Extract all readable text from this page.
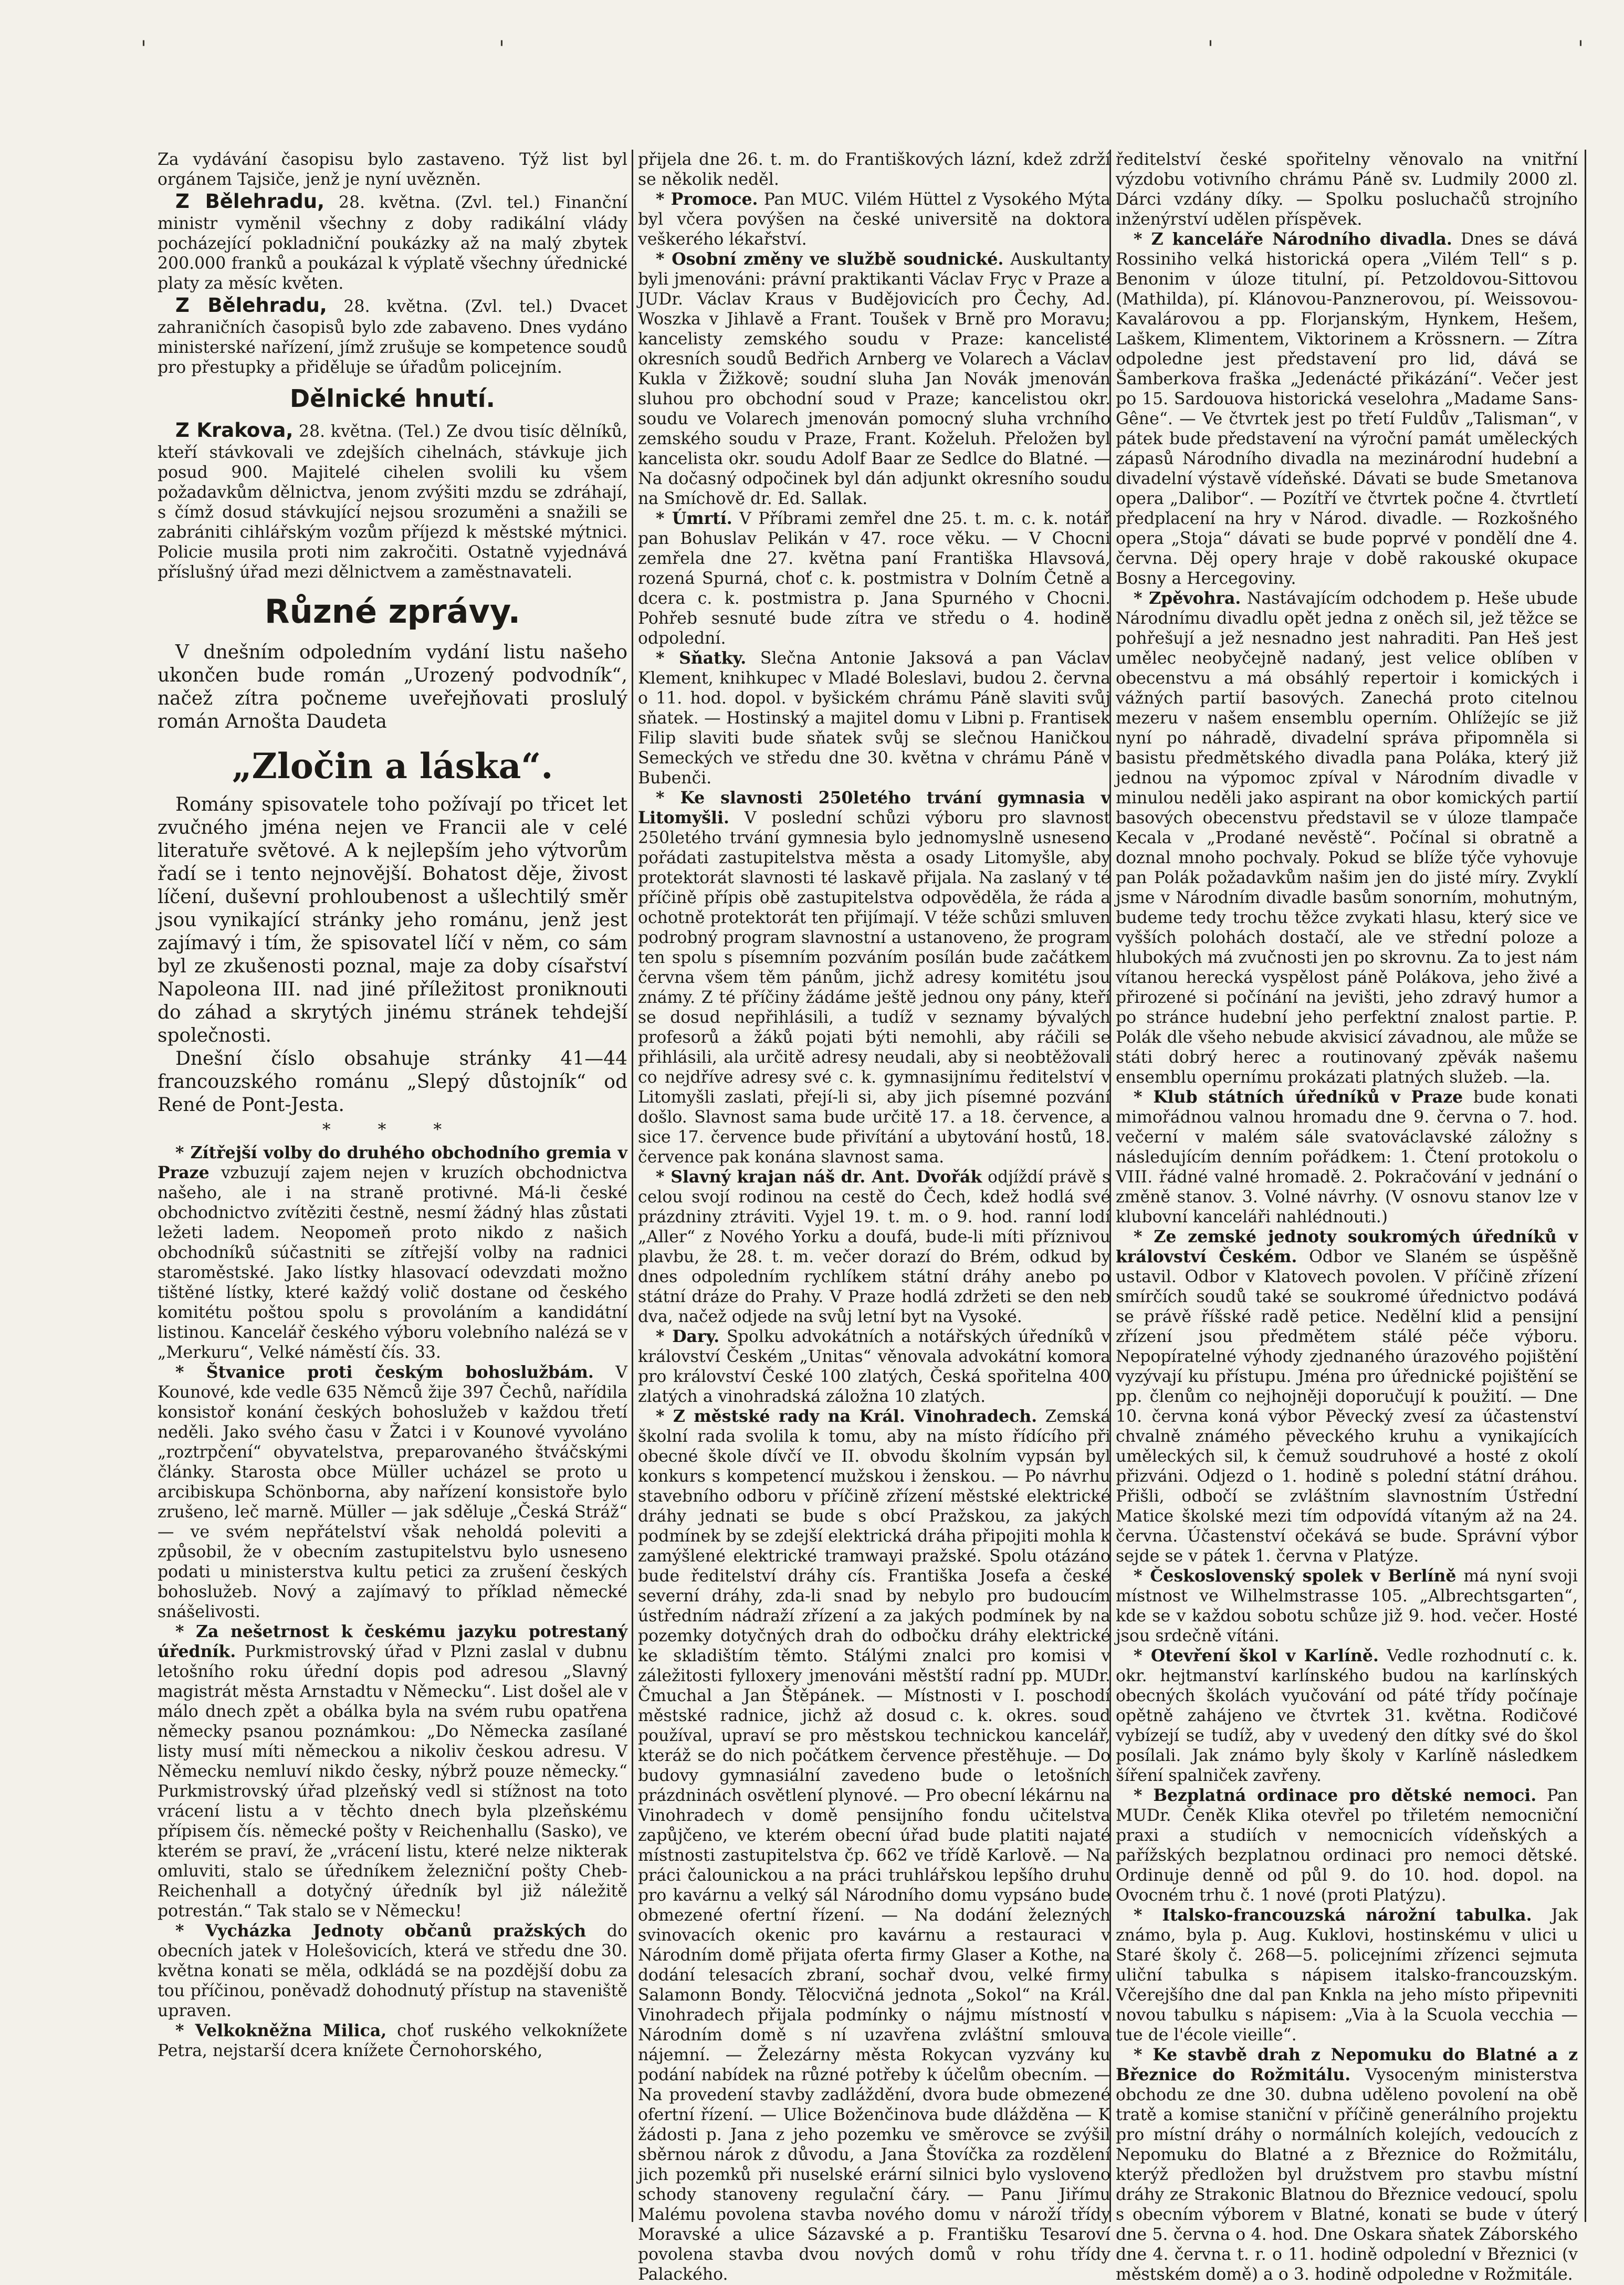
'	'	'	'

Za vydávání časopisu bylo zastaveno. Týž list byl orgánem Tajsiče, jenž je nyní uvězněn.

Z Bělehradu, 28. května. (Zvl. tel.) Finanční ministr vyměnil všechny z doby radikální vlády pocházející pokladniční poukázky až na malý zbytek 200.000 franků a poukázal k výplatě všechny úřednické platy za měsíc květen.

Z Bělehradu, 28. května. (Zvl. tel.) Dvacet zahraničních časopisů bylo zde zabaveno. Dnes vydáno ministerské nařízení, jímž zrušuje se kompetence soudů pro přestupky a přiděluje se úřadům policejním.

Dělnické hnutí.

Z Krakova, 28. května. (Tel.) Ze dvou tisíc dělníků, kteří stávkovali ve zdejších cihelnách, stávkuje jich posud 900. Majitelé cihelen svolili ku všem požadavkům dělnictva, jenom zvýšiti mzdu se zdráhají, s čímž dosud stávkující nejsou srozuměni a snažili se zabrániti cihlářským vozům příjezd k městské mýtnici. Policie musila proti nim zakročiti. Ostatně vyjednává příslušný úřad mezi dělnictvem a zaměstnavateli.

Různé zprávy.

V dnešním odpoledním vydání listu našeho ukončen bude román „Urozený podvodník“, načež zítra počneme uveřejňovati proslulý román Arnošta Daudeta

„Zločin a láska“.

Romány spisovatele toho požívají po třicet let zvučného jména nejen ve Francii ale v celé literatuře světové. A k nejlepším jeho výtvorům řadí se i tento nejnovější. Bohatost děje, živost líčení, duševní prohloubenost a ušlechtilý směr jsou vynikající stránky jeho románu, jenž jest zajímavý i tím, že spisovatel líčí v něm, co sám byl ze zkušenosti poznal, maje za doby císařství Napoleona III. nad jiné příležitost proniknouti do záhad a skrytých jinému stránek tehdejší společnosti.

Dnešní číslo obsahuje stránky 41—44 francouzského románu „Slepý důstojník“ od René de Pont-Jesta.

* * *

* Zítřejší volby do druhého obchodního gremia v Praze vzbuzují zajem nejen v kruzích obchodnictva našeho, ale i na straně protivné. Má-li české obchodnictvo zvítěziti čestně, nesmí žádný hlas zůstati ležeti ladem. Neopomeň proto nikdo z našich obchodníků súčastniti se zítřejší volby na radnici staroměstské. Jako lístky hlasovací odevzdati možno tištěné lístky, které každý volič dostane od českého komitétu poštou spolu s provoláním a kandidátní listinou. Kancelář českého výboru volebního nalézá se v „Merkuru“, Velké náměstí čís. 33.

* Štvanice proti českým bohoslužbám. V Kounové, kde vedle 635 Němců žije 397 Čechů, nařídila konsistoř konání českých bohoslužeb v každou třetí neděli. Jako svého času v Žatci i v Kounové vyvoláno „roztrpčení“ obyvatelstva, preparovaného štváčskými články. Starosta obce Müller ucházel se proto u arcibiskupa Schönborna, aby nařízení konsistoře bylo zrušeno, leč marně. Müller — jak sděluje „Česká Stráž“ — ve svém nepřátelství však neholdá poleviti a způsobil, že v obecním zastupitelstvu bylo usneseno podati u ministerstva kultu petici za zrušení českých bohoslužeb. Nový a zajímavý to příklad německé snášelivosti.

* Za nešetrnost k českému jazyku potrestaný úředník. Purkmistrovský úřad v Plzni zaslal v dubnu letošního roku úřední dopis pod adresou „Slavný magistrát města Arnstadtu v Německu“. List došel ale v málo dnech zpět a obálka byla na svém rubu opatřena německy psanou poznámkou: „Do Německa zasílané listy musí míti německou a nikoliv českou adresu. V Německu nemluví nikdo česky, nýbrž pouze německy.“ Purkmistrovský úřad plzeňský vedl si stížnost na toto vrácení listu a v těchto dnech byla plzeňskému přípisem čís. německé pošty v Reichenhallu (Sasko), ve kterém se praví, že „vrácení listu, které nelze nikterak omluviti, stalo se úředníkem železniční pošty Cheb-Reichenhall a dotyčný úředník byl již náležitě potrestán.“ Tak stalo se v Německu!

* Vycházka Jednoty občanů pražských do obecních jatek v Holešovicích, která ve středu dne 30. května konati se měla, odkládá se na pozdější dobu za tou příčinou, poněvadž dohodnutý přístup na staveniště upraven.

* Velkokněžna Milica, choť ruského velkoknížete Petra, nejstarší dcera knížete Černohorského,

přijela dne 26. t. m. do Františkových lázní, kdež zdrží se několik neděl.

* Promoce. Pan MUC. Vilém Hüttel z Vysokého Mýta byl včera povýšen na české universitě na doktora veškerého lékařství.

* Osobní změny ve službě soudnické. Auskultanty byli jmenováni: právní praktikanti Václav Fryc v Praze a JUDr. Václav Kraus v Budějovicích pro Čechy, Ad. Woszka v Jihlavě a Frant. Toušek v Brně pro Moravu; kancelisty zemského soudu v Praze: kancelisté okresních soudů Bedřich Arnberg ve Volarech a Václav Kukla v Žižkově; soudní sluha Jan Novák jmenován sluhou pro obchodní soud v Praze; kancelistou okr. soudu ve Volarech jmenován pomocný sluha vrchního zemského soudu v Praze, Frant. Koželuh. Přeložen byl kancelista okr. soudu Adolf Baar ze Sedlce do Blatné. — Na dočasný odpočinek byl dán adjunkt okresního soudu na Smíchově dr. Ed. Sallak.

* Úmrtí. V Příbrami zemřel dne 25. t. m. c. k. notář pan Bohuslav Pelikán v 47. roce věku. — V Chocni zemřela dne 27. května paní Františka Hlavsová, rozená Spurná, choť c. k. postmistra v Dolním Četně a dcera c. k. postmistra p. Jana Spurného v Chocni. Pohřeb sesnuté bude zítra ve středu o 4. hodině odpolední.

* Sňatky. Slečna Antonie Jaksová a pan Václav Klement, knihkupec v Mladé Boleslavi, budou 2. června o 11. hod. dopol. v byšickém chrámu Páně slaviti svůj sňatek. — Hostinský a majitel domu v Libni p. Frantisek Filip slaviti bude sňatek svůj se slečnou Haničkou Semeckých ve středu dne 30. května v chrámu Páně v Bubenči.

* Ke slavnosti 250letého trvání gymnasia v Litomyšli. V poslední schůzi výboru pro slavnost 250letého trvání gymnesia bylo jednomyslně usneseno pořádati zastupitelstva města a osady Litomyšle, aby protektorát slavnosti té laskavě přijala. Na zaslaný v té příčině přípis obě zastupitelstva odpověděla, že ráda a ochotně protektorát ten přijímají. V téže schůzi smluven podrobný program slavnostní a ustanoveno, že program ten spolu s písemním pozváním posílán bude začátkem června všem těm pánům, jichž adresy komitétu jsou známy. Z té příčiny žádáme ještě jednou ony pány, kteří se dosud nepřihlásili, a tudíž v seznamy bývalých profesorů a žáků pojati býti nemohli, aby ráčili se přihlásili, ala určitě adresy neudali, aby si neobtěžovali co nejdříve adresy své c. k. gymnasijnímu ředitelství v Litomyšli zaslati, přejí-li si, aby jich písemné pozvání došlo. Slavnost sama bude určitě 17. a 18. července, a sice 17. července bude přivítání a ubytování hostů, 18. července pak konána slavnost sama.

* Slavný krajan náš dr. Ant. Dvořák odjíždí právě s celou svojí rodinou na cestě do Čech, kdež hodlá své prázdniny ztráviti. Vyjel 19. t. m. o 9. hod. ranní lodí „Aller“ z Nového Yorku a doufá, bude-li míti příznivou plavbu, že 28. t. m. večer dorazí do Brém, odkud by dnes odpoledním rychlíkem státní dráhy anebo po státní dráze do Prahy. V Praze hodlá zdržeti se den neb dva, načež odjede na svůj letní byt na Vysoké.

* Dary. Spolku advokátních a notářských úředníků v království Českém „Unitas“ věnovala advokátní komora pro království České 100 zlatých, Česká spořitelna 400 zlatých a vinohradská záložna 10 zlatých.

* Z městské rady na Král. Vinohradech. Zemská školní rada svolila k tomu, aby na místo řídícího při obecné škole dívčí ve II. obvodu školním vypsán byl konkurs s kompetencí mužskou i ženskou. — Po návrhu stavebního odboru v příčině zřízení městské elektrické dráhy jednati se bude s obcí Pražskou, za jakých podmínek by se zdejší elektrická dráha připojiti mohla k zamýšlené elektrické tramwayi pražské. Spolu otázáno bude ředitelství dráhy cís. Františka Josefa a české severní dráhy, zda-li snad by nebylo pro budoucím ústředním nádraží zřízení a za jakých podmínek by na pozemky dotyčných drah do odbočku dráhy elektrické ke skladištím těmto. Stálými znalci pro komisi v záležitosti fylloxery jmenováni městští radní pp. MUDr. Čmuchal a Jan Štěpánek. — Místnosti v I. poschodí městské radnice, jichž až dosud c. k. okres. soud používal, upraví se pro městskou technickou kancelář, kteráž se do nich počátkem července přestěhuje. — Do budovy gymnasiální zavedeno bude o letošních prázdninách osvětlení plynové. — Pro obecní lékárnu na Vinohradech v domě pensijního fondu učitelstva zapůjčeno, ve kterém obecní úřad bude platiti najaté místnosti zastupitelstva čp. 662 ve třídě Karlově. — Na práci čalounickou a na práci truhlářskou lepšího druhu pro kavárnu a velký sál Národního domu vypsáno bude obmezené ofertní řízení. — Na dodání železných svinovacích okenic pro kavárnu a restauraci v Národním domě přijata oferta firmy Glaser a Kothe, na dodání telesacích zbraní, sochař dvou, velké firmy Salamonn Bondy. Tělocvičná jednota „Sokol“ na Král. Vinohradech přijala podmínky o nájmu místností v Národním domě s ní uzavřena zvláštní smlouva nájemní. — Železárny města Rokycan vyzvány ku podání nabídek na různé potřeby k účelům obecním. — Na provedení stavby zadláždění, dvora bude obmezené ofertní řízení. — Ulice Boženčinova bude dlážděna — K žádosti p. Jana z jeho pozemku ve směrovce se zvýšil sběrnou nárok z důvodu, a Jana Štovíčka za rozdělení jich pozemků při nuselské erární silnici bylo vysloveno schody stanoveny regulační čáry. — Panu Jiřímu Malému povolena stavba nového domu v nároží třídy Moravské a ulice Sázavské a p. Františku Tesaroví povolena stavba dvou nových domů v rohu třídy Palackého.

ředitelství české spořitelny věnovalo na vnitřní výzdobu votivního chrámu Páně sv. Ludmily 2000 zl. Dárci vzdány díky. — Spolku posluchačů strojního inženýrství udělen příspěvek.

* Z kanceláře Národního divadla. Dnes se dává Rossiniho velká historická opera „Vilém Tell“ s p. Benonim v úloze titulní, pí. Petzoldovou-Sittovou (Mathilda), pí. Klánovou-Panznerovou, pí. Weissovou-Kavalárovou a pp. Florjanským, Hynkem, Hešem, Laškem, Klimentem, Viktorinem a Krössnern. — Zítra odpoledne jest představení pro lid, dává se Šamberkova fraška „Jedenácté přikázání“. Večer jest po 15. Sardouova historická veselohra „Madame Sans-Gêne“. — Ve čtvrtek jest po třetí Fuldův „Talisman“, v pátek bude představení na výroční památ uměleckých zápasů Národního divadla na mezinárodní hudební a divadelní výstavě vídeňské. Dávati se bude Smetanova opera „Dalibor“. — Pozítří ve čtvrtek počne 4. čtvrtletí předplacení na hry v Národ. divadle. — Rozkošného opera „Stoja“ dávati se bude poprvé v pondělí dne 4. června. Děj opery hraje v době rakouské okupace Bosny a Hercegoviny.

* Zpěvohra. Nastávajícím odchodem p. Heše ubude Národnímu divadlu opět jedna z oněch sil, jež těžce se pohřešují a jež nesnadno jest nahraditi. Pan Heš jest umělec neobyčejně nadaný, jest velice oblíben v obecenstvu a má obsáhlý repertoir i komických i vážných partií basových. Zanechá proto citelnou mezeru v našem ensemblu operním. Ohlížejíc se již nyní po náhradě, divadelní správa připomněla si basistu předmětského divadla pana Poláka, který již jednou na výpomoc zpíval v Národním divadle v minulou neděli jako aspirant na obor komických partií basových obecenstvu představil se v úloze tlampače Kecala v „Prodané nevěstě“. Počínal si obratně a doznal mnoho pochvaly. Pokud se blíže týče vyhovuje pan Polák požadavkům našim jen do jisté míry. Zvyklí jsme v Národním divadle basům sonorním, mohutným, budeme tedy trochu těžce zvykati hlasu, který sice ve vyšších polohách dostačí, ale ve střední poloze a hlubokých má zvučnosti jen po skrovnu. Za to jest nám vítanou herecká vyspělost páně Polákova, jeho živé a přirozené si počínání na jevišti, jeho zdravý humor a po stránce hudební jeho perfektní znalost partie. P. Polák dle všeho nebude akvisicí závadnou, ale může se státi dobrý herec a routinovaný zpěvák našemu ensemblu opernímu prokázati platných služeb. —la.

* Klub státních úředníků v Praze bude konati mimořádnou valnou hromadu dne 9. června o 7. hod. večerní v malém sále svatováclavské záložny s následujícím denním pořádkem: 1. Čtení protokolu o VIII. řádné valné hromadě. 2. Pokračování v jednání o změně stanov. 3. Volné návrhy. (V osnovu stanov lze v klubovní kanceláři nahlédnouti.)

* Ze zemské jednoty soukromých úředníků v království Českém. Odbor ve Slaném se úspěšně ustavil. Odbor v Klatovech povolen. V příčině zřízení smírčích soudů také se soukromé úřednictvo podává se právě říšské radě petice. Nedělní klid a pensijní zřízení jsou předmětem stálé péče výboru. Nepopíratelné výhody zjednaného úrazového pojištění vyzývají ku přístupu. Jména pro úřednické pojištění se pp. členům co nejhojněji doporučují k použití. — Dne 10. června koná výbor Pěvecký zvesí za účastenství chvalně známého pěveckého kruhu a vynikajících uměleckých sil, k čemuž soudruhové a hosté z okolí přizváni. Odjezd o 1. hodině s polední státní dráhou. Přišli, odbočí se zvláštním slavnostním Ústřední Matice školské mezi tím odpovídá vítaným až na 24. června. Účastenství očekává se bude. Správní výbor sejde se v pátek 1. června v Platýze.

* Československý spolek v Berlíně má nyní svoji místnost ve Wilhelmstrasse 105. „Albrechtsgarten“, kde se v každou sobotu schůze již 9. hod. večer. Hosté jsou srdečně vítáni.

* Otevření škol v Karlíně. Vedle rozhodnutí c. k. okr. hejtmanství karlínského budou na karlínských obecných školách vyučování od páté třídy počínaje opětně zahájeno ve čtvrtek 31. května. Rodičové vybízejí se tudíž, aby v uvedený den dítky své do škol posílali. Jak známo byly školy v Karlíně následkem šíření spalniček zavřeny.

* Bezplatná ordinace pro dětské nemoci. Pan MUDr. Čeněk Klika otevřel po třiletém nemocniční praxi a studiích v nemocnicích vídeňských a pařížských bezplatnou ordinaci pro nemoci dětské. Ordinuje denně od půl 9. do 10. hod. dopol. na Ovocném trhu č. 1 nové (proti Platýzu).

* Italsko-francouzská nárožní tabulka. Jak známo, byla p. Aug. Kuklovi, hostinskému v ulici u Staré školy č. 268—5. policejními zřízenci sejmuta uliční tabulka s nápisem italsko-francouzským. Včerejšího dne dal pan Knkla na jeho místo připevniti novou tabulku s nápisem: „Via à la Scuola vecchia — tue de l'école vieille“.

* Ke stavbě drah z Nepomuku do Blatné a z Březnice do Rožmitálu. Vysoceným ministerstva obchodu ze dne 30. dubna uděleno povolení na obě tratě a komise staniční v příčině generálního projektu pro místní dráhy o normálních kolejích, vedoucích z Nepomuku do Blatné a z Březnice do Rožmitálu, kterýž předložen byl družstvem pro stavbu místní dráhy ze Strakonic Blatnou do Březnice vedoucí, spolu s obecním výborem v Blatné, konati se bude v úterý dne 5. června o 4. hod. Dne Oskara sňatek Záborského dne 4. června t. r. o 11. hodině odpolední v Březnici (v městském domě) a o 3. hodině odpoledne v Rožmitále.
